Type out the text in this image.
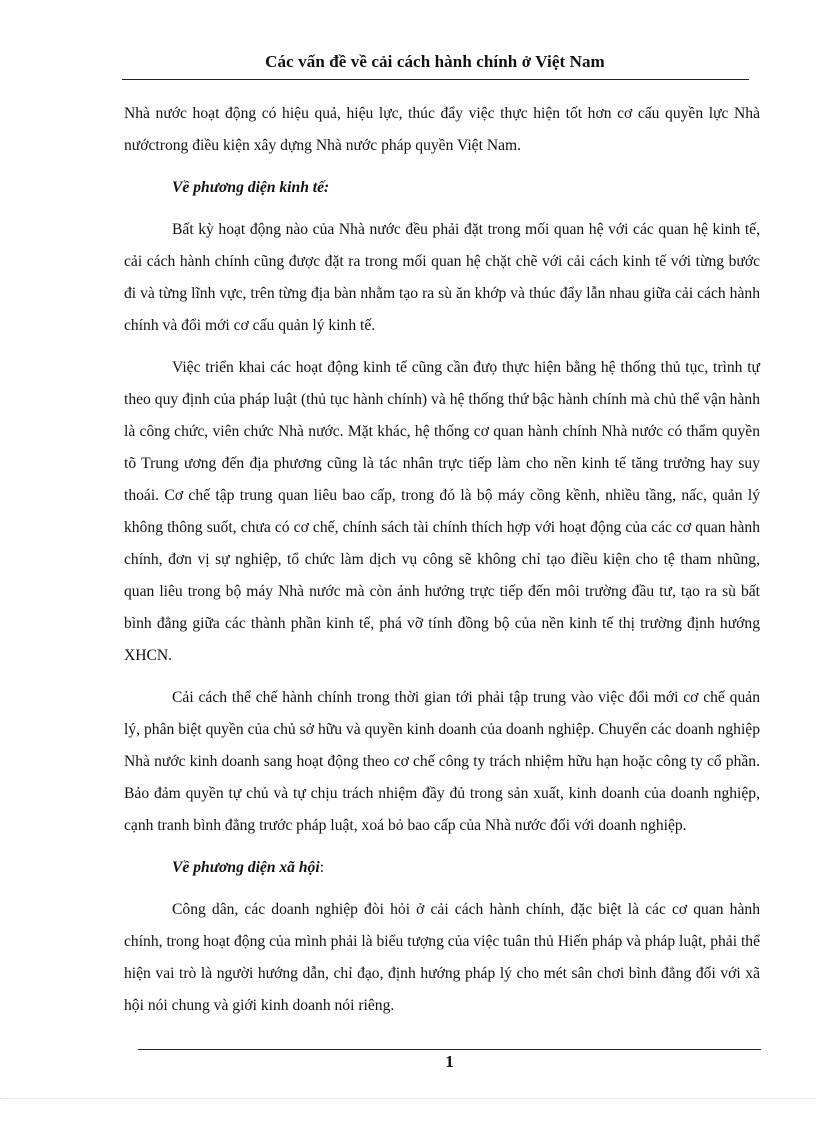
Các vấn đề về cải cách hành chính ở Việt Nam

Nhà nước hoạt động có hiệu quả, hiệu lực, thúc đẩy việc thực hiện tốt hơn cơ cấu quyền lực Nhà nướctrong điều kiện xây dựng Nhà nước pháp quyền Việt Nam.

Về phương diện kinh tế:

Bất kỳ hoạt động nào của Nhà nước đều phải đặt trong mối quan hệ với các quan hệ kinh tế, cải cách hành chính cũng được đặt ra trong mối quan hệ chặt chẽ với cải cách kinh tế với từng bước đi và từng lĩnh vực, trên từng địa bàn nhằm tạo ra sù ăn khớp và thúc đẩy lẫn nhau giữa cải cách hành chính và đổi mới cơ cấu quản lý kinh tế.

Việc triển khai các hoạt động kinh tế cũng cần đưọ thực hiện bằng hệ thống thủ tục, trình tự theo quy định của pháp luật (thủ tục hành chính) và hệ thống thứ bậc hành chính mà chủ thể vận hành là công chức, viên chức Nhà nước. Mặt khác, hệ thống cơ quan hành chính Nhà nước có thẩm quyền tõ Trung ương đến địa phương cũng là tác nhân trực tiếp làm cho nền kinh tế tăng trưởng hay suy thoái. Cơ chế tập trung quan liêu bao cấp, trong đó là bộ máy cồng kềnh, nhiều tầng, nấc, quản lý không thông suốt, chưa có cơ chế, chính sách tài chính thích hợp với hoạt động của các cơ quan hành chính, đơn vị sự nghiệp, tổ chức làm dịch vụ công sẽ không chỉ tạo điều kiện cho tệ tham nhũng, quan liêu trong bộ máy Nhà nước mà còn ảnh hưởng trực tiếp đến môi trường đầu tư, tạo ra sù bất bình đẳng giữa các thành phần kinh tế, phá vỡ tính đồng bộ của nền kinh tế thị trường định hướng XHCN.

Cải cách thể chế hành chính trong thời gian tới phải tập trung vào việc đổi mới cơ chế quản lý, phân biệt quyền của chủ sở hữu và quyền kinh doanh của doanh nghiệp. Chuyển các doanh nghiệp Nhà nước kinh doanh sang hoạt động theo cơ chế công ty trách nhiệm hữu hạn hoặc công ty cổ phần. Bảo đảm quyền tự chủ và tự chịu trách nhiệm đầy đủ trong sản xuất, kinh doanh của doanh nghiệp, cạnh tranh bình đẳng trước pháp luật, xoá bỏ bao cấp của Nhà nước đối với doanh nghiệp.

Về phương diện xã hội:

Công dân, các doanh nghiệp đòi hỏi ở cải cách hành chính, đặc biệt là các cơ quan hành chính, trong hoạt động của mình phải là biểu tượng của việc tuân thủ Hiến pháp và pháp luật, phải thể hiện vai trò là người hướng dẫn, chỉ đạo, định hướng pháp lý cho mét sân chơi bình đẳng đối với xã hội nói chung và giới kinh doanh nói riêng.

1
